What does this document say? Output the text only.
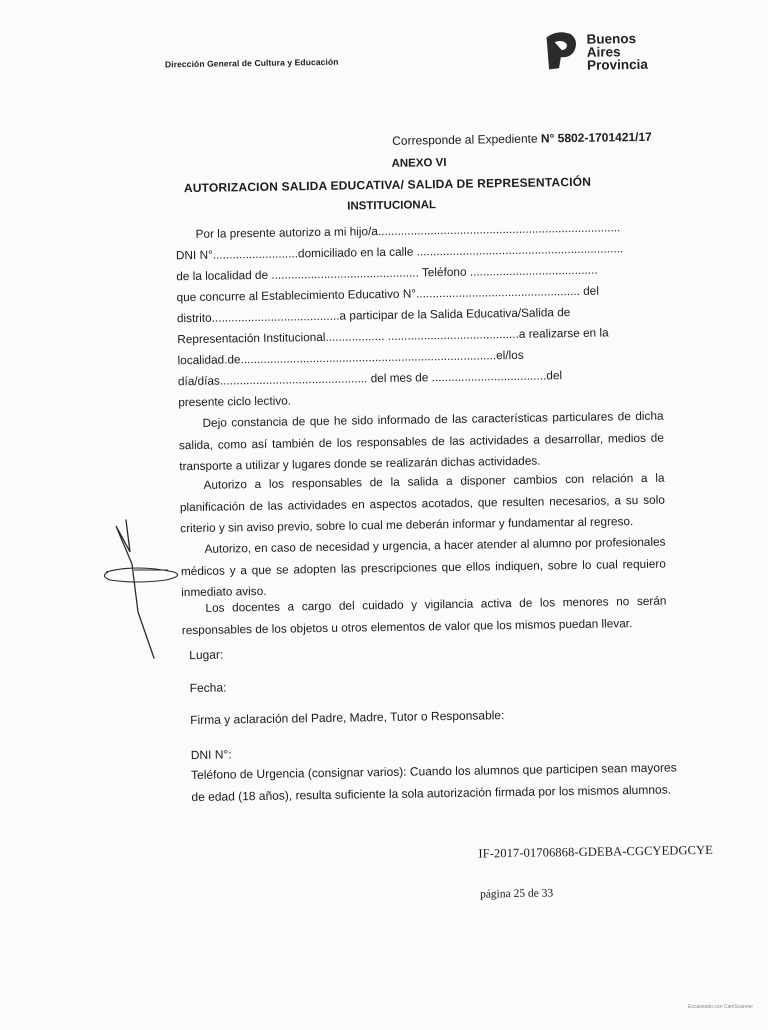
Dirección General de Cultura y Educación
Buenos
Aires
Provincia
Corresponde al Expediente N° 5802-1701421/17
ANEXO VI
AUTORIZACION SALIDA EDUCATIVA/ SALIDA DE REPRESENTACIÓN
INSTITUCIONAL
Por la presente autorizo a mi hijo/a..........................................................................
DNI N°..........................domiciliado en la calle ...............................................................
de la localidad de ............................................. Teléfono .......................................
que concurre al Establecimiento Educativo N°.................................................. del
distrito.......................................a participar de la Salida Educativa/Salida de
Representación Institucional.................. ........................................a realizarse en la
localidad.de..............................................................................el/los
día/días............................................. del mes de ...................................del
presente ciclo lectivo.

Dejo constancia de que he sido informado de las características particulares de dicha salida, como así también de los responsables de las actividades a desarrollar, medios de transporte a utilizar y lugares donde se realizarán dichas actividades.

Autorizo a los responsables de la salida a disponer cambios con relación a la planificación de las actividades en aspectos acotados, que resulten necesarios, a su solo criterio y sin aviso previo, sobre lo cual me deberán informar y fundamentar al regreso.

Autorizo, en caso de necesidad y urgencia, a hacer atender al alumno por profesionales médicos y a que se adopten las prescripciones que ellos indiquen, sobre lo cual requiero inmediato aviso.

Los docentes a cargo del cuidado y vigilancia activa de los menores no serán responsables de los objetos u otros elementos de valor que los mismos puedan llevar.

Lugar:
Fecha:
Firma y aclaración del Padre, Madre, Tutor o Responsable:
DNI N°:
Teléfono de Urgencia (consignar varios): Cuando los alumnos que participen sean mayores
de edad (18 años), resulta suficiente la sola autorización firmada por los mismos alumnos.
IF-2017-01706868-GDEBA-CGCYEDGCYE
página 25 de 33
Escaneado con CamScanner
